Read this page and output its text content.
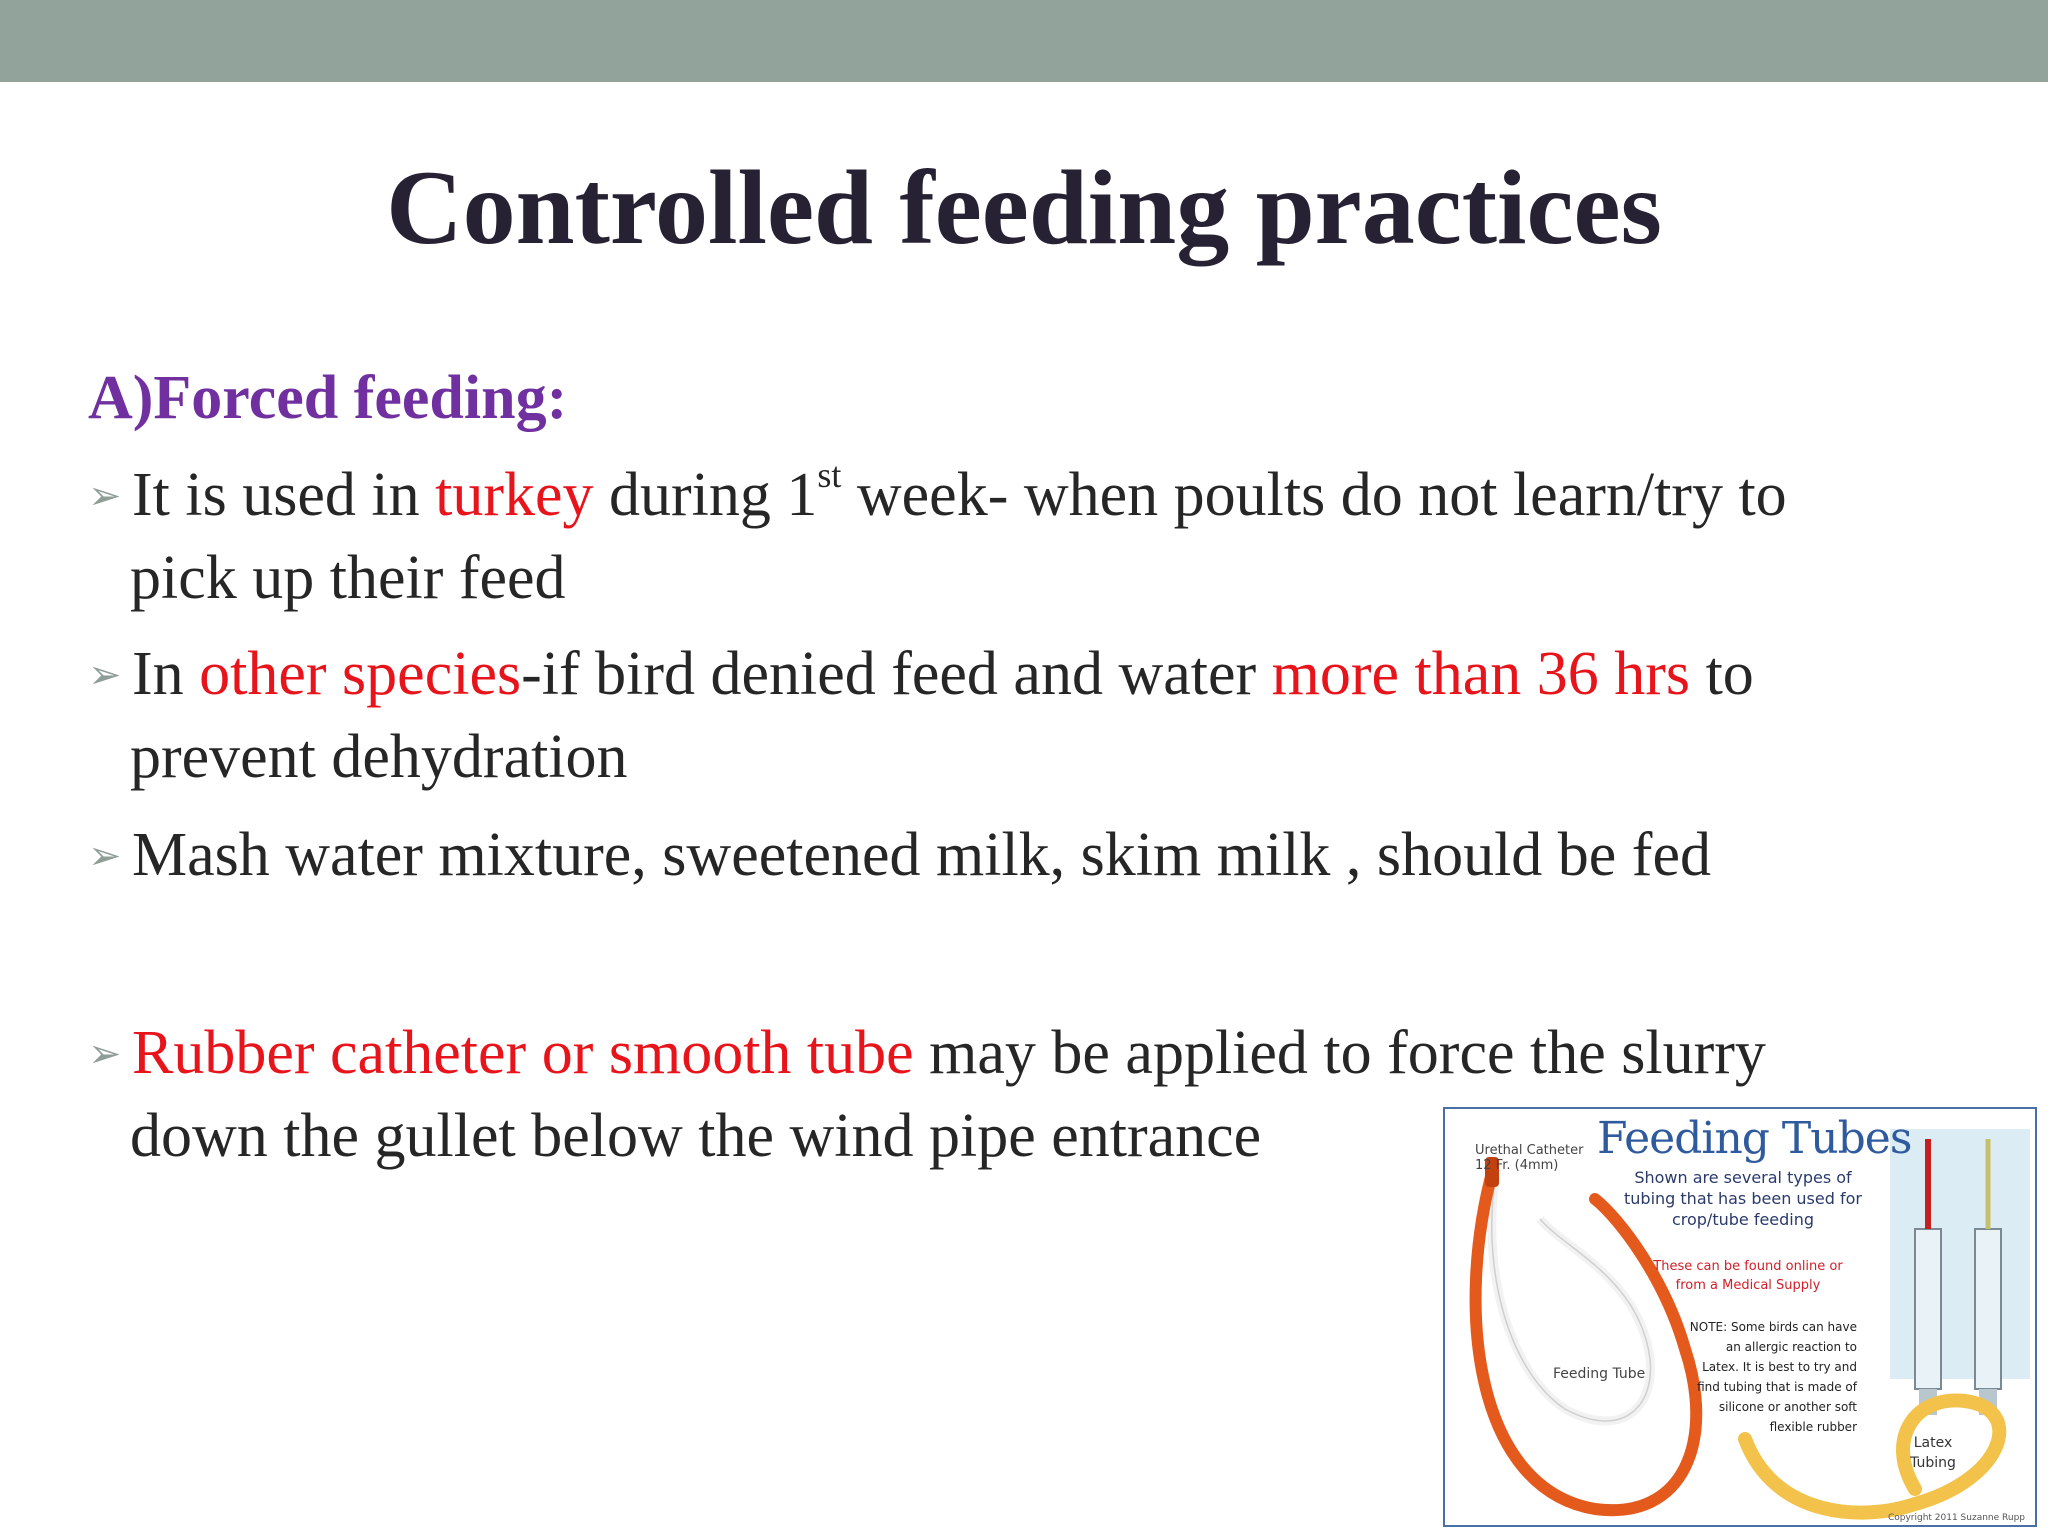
Controlled feeding practices
A)Forced feeding:
➢ It is used in turkey during 1st week- when poults do not learn/try to
pick up their feed
➢ In other species-if bird denied feed and water more than 36 hrs to
prevent dehydration
➢ Mash water mixture, sweetened milk, skim milk , should be fed
➢ Rubber catheter or smooth tube may be applied to force the slurry
down the gullet below the wind pipe entrance	Feeding Tubes
Urethal Catheter
12 Fr. (4mm)
Shown are several types of tubing that has been used for crop/tube feeding
These can be found online or from a Medical Supply
NOTE: Some birds can have an allergic reaction to Latex. It is best to try and find tubing that is made of silicone or another soft flexible rubber
Feeding Tube
Latex Tubing
Copyright 2011 Suzanne Rupp
